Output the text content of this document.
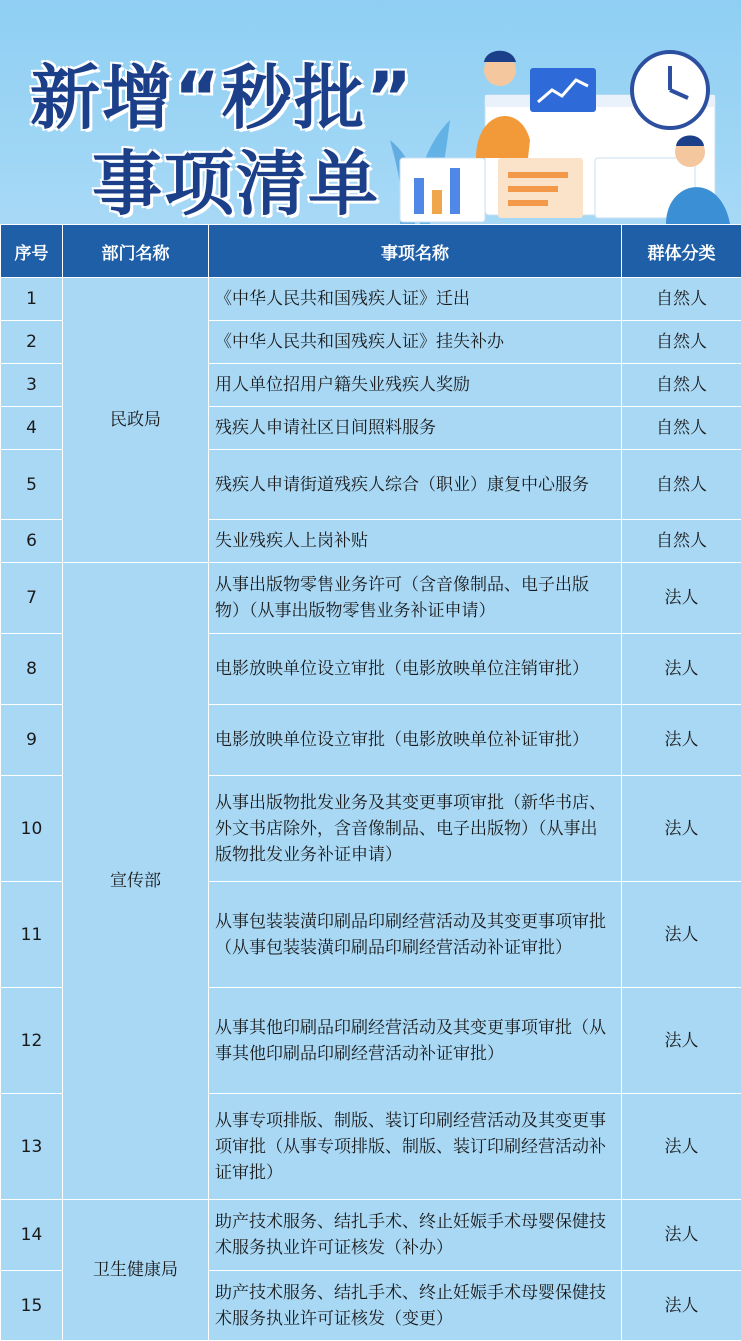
新增“秒批”
事项清单
序号	部门名称	事项名称	群体分类
1	民政局	《中华人民共和国残疾人证》迁出	自然人
2		《中华人民共和国残疾人证》挂失补办	自然人
3		用人单位招用户籍失业残疾人奖励	自然人
4		残疾人申请社区日间照料服务	自然人
5		残疾人申请街道残疾人综合（职业）康复中心服务	自然人
6		失业残疾人上岗补贴	自然人
7	宣传部	从事出版物零售业务许可（含音像制品、电子出版物）（从事出版物零售业务补证申请）	法人
8		电影放映单位设立审批（电影放映单位注销审批）	法人
9		电影放映单位设立审批（电影放映单位补证审批）	法人
10		从事出版物批发业务及其变更事项审批（新华书店、外文书店除外，含音像制品、电子出版物）（从事出版物批发业务补证申请）	法人
11		从事包装装潢印刷品印刷经营活动及其变更事项审批（从事包装装潢印刷品印刷经营活动补证审批）	法人
12		从事其他印刷品印刷经营活动及其变更事项审批（从事其他印刷品印刷经营活动补证审批）	法人
13		从事专项排版、制版、装订印刷经营活动及其变更事项审批（从事专项排版、制版、装订印刷经营活动补证审批）	法人
14	卫生健康局	助产技术服务、结扎手术、终止妊娠手术母婴保健技术服务执业许可证核发（补办）	法人
15		助产技术服务、结扎手术、终止妊娠手术母婴保健技术服务执业许可证核发（变更）	法人
